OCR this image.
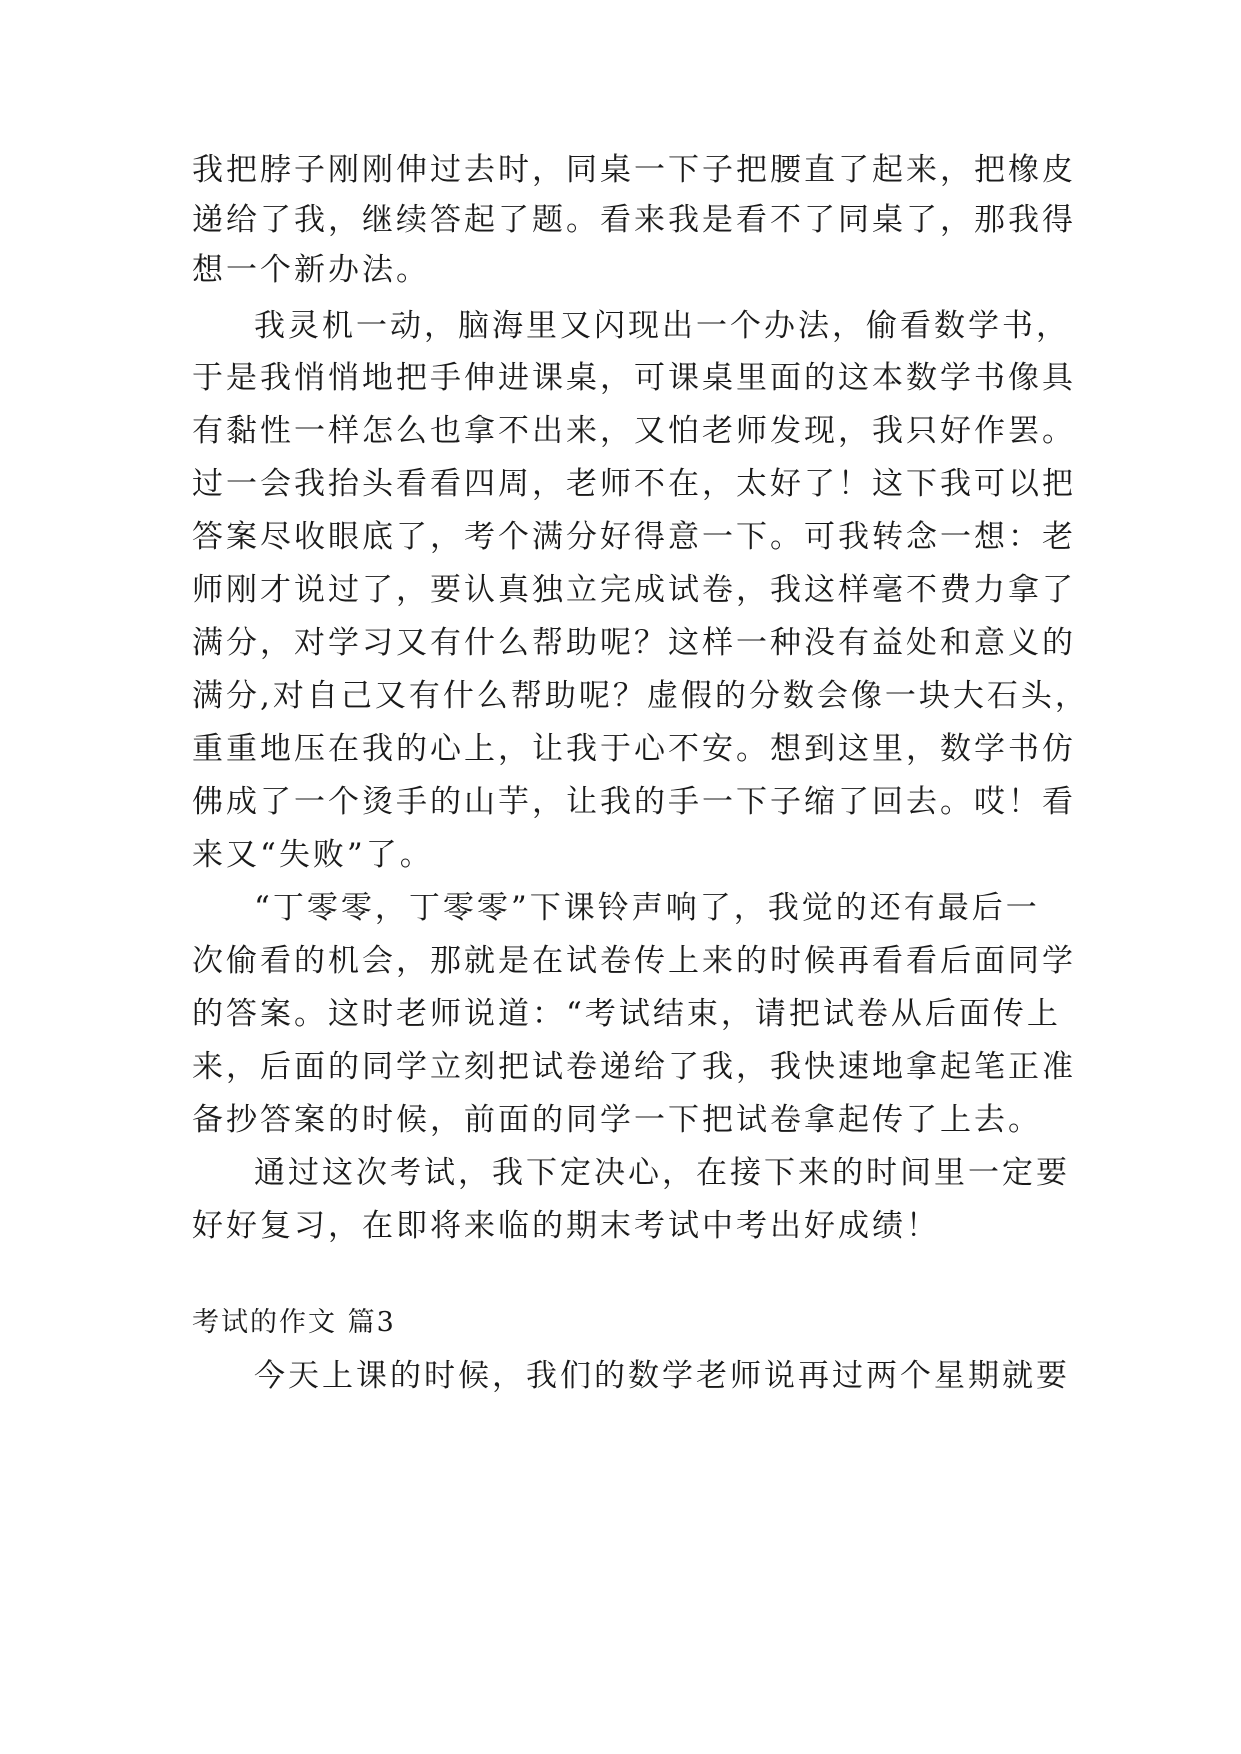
我把脖子刚刚伸过去时，同桌一下子把腰直了起来，把橡皮
递给了我，继续答起了题。看来我是看不了同桌了，那我得
想一个新办法。
我灵机一动，脑海里又闪现出一个办法，偷看数学书，
于是我悄悄地把手伸进课桌，可课桌里面的这本数学书像具
有黏性一样怎么也拿不出来，又怕老师发现，我只好作罢。
过一会我抬头看看四周，老师不在，太好了！这下我可以把
答案尽收眼底了，考个满分好得意一下。可我转念一想：老
师刚才说过了，要认真独立完成试卷，我这样毫不费力拿了
满分，对学习又有什么帮助呢？这样一种没有益处和意义的
满分,对自己又有什么帮助呢？虚假的分数会像一块大石头，
重重地压在我的心上，让我于心不安。想到这里，数学书仿
佛成了一个烫手的山芋，让我的手一下子缩了回去。哎！看
来又“失败”了。
“丁零零，丁零零”下课铃声响了，我觉的还有最后一
次偷看的机会，那就是在试卷传上来的时候再看看后面同学
的答案。这时老师说道：“考试结束，请把试卷从后面传上
来，后面的同学立刻把试卷递给了我，我快速地拿起笔正准
备抄答案的时候，前面的同学一下把试卷拿起传了上去。
通过这次考试，我下定决心，在接下来的时间里一定要
好好复习，在即将来临的期末考试中考出好成绩！
考试的作文 篇3
今天上课的时候，我们的数学老师说再过两个星期就要
